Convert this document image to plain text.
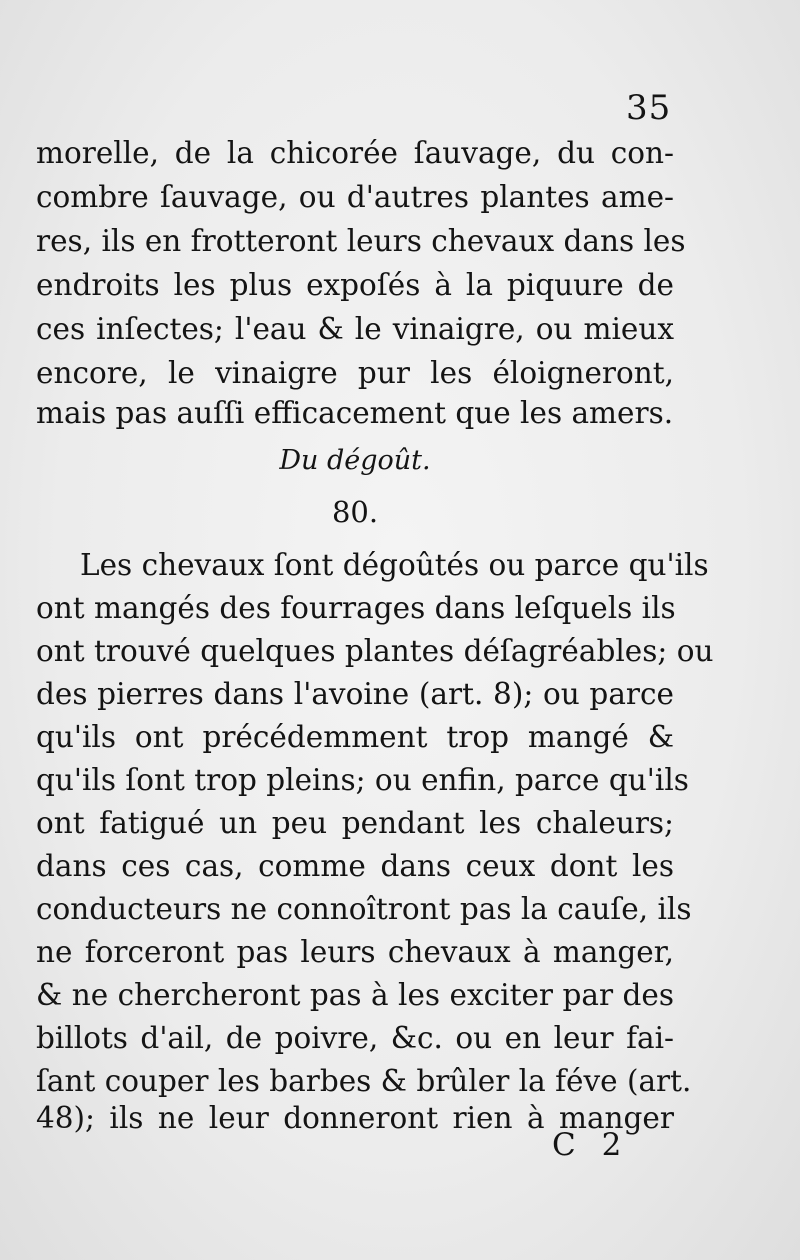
35
morelle, de la chicorée ſauvage, du con-
combre ſauvage, ou d'autres plantes ame-
res, ils en frotteront leurs chevaux dans les
endroits les plus expoſés à la piquure de
ces inſectes; l'eau & le vinaigre, ou mieux
encore, le vinaigre pur les éloigneront,
mais pas auſſi efficacement que les amers.
Du dégoût.
80.
Les chevaux ſont dégoûtés ou parce qu'ils
ont mangés des fourrages dans leſquels ils
ont trouvé quelques plantes déſagréables; ou
des pierres dans l'avoine (art. 8); ou parce
qu'ils ont précédemment trop mangé &
qu'ils ſont trop pleins; ou enfin, parce qu'ils
ont fatigué un peu pendant les chaleurs;
dans ces cas, comme dans ceux dont les
conducteurs ne connoîtront pas la cauſe, ils
ne forceront pas leurs chevaux à manger,
& ne chercheront pas à les exciter par des
billots d'ail, de poivre, &c. ou en leur fai-
ſant couper les barbes & brûler la féve (art.
48); ils ne leur donneront rien à manger
C 2
